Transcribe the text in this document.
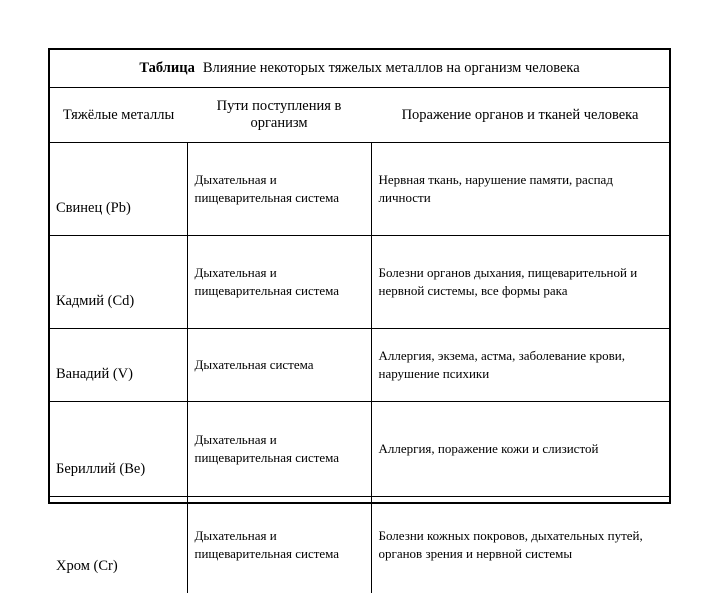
Таблица Влияние некоторых тяжелых металлов на организм человека
Тяжёлые металлы	Пути поступления в организм	Поражение органов и тканей человека
Свинец (Pb)	Дыхательная и пищеварительная система	Нервная ткань, нарушение памяти, распад личности
Кадмий (Cd)	Дыхательная и пищеварительная система	Болезни органов дыхания, пищеварительной и нервной системы, все формы рака
Ванадий (V)	Дыхательная система	Аллергия, экзема, астма, заболевание крови, нарушение психики
Бериллий (Be)	Дыхательная и пищеварительная система	Аллергия, поражение кожи и слизистой
Хром (Cr)	Дыхательная и пищеварительная система	Болезни кожных покровов, дыхательных путей, органов зрения и нервной системы
